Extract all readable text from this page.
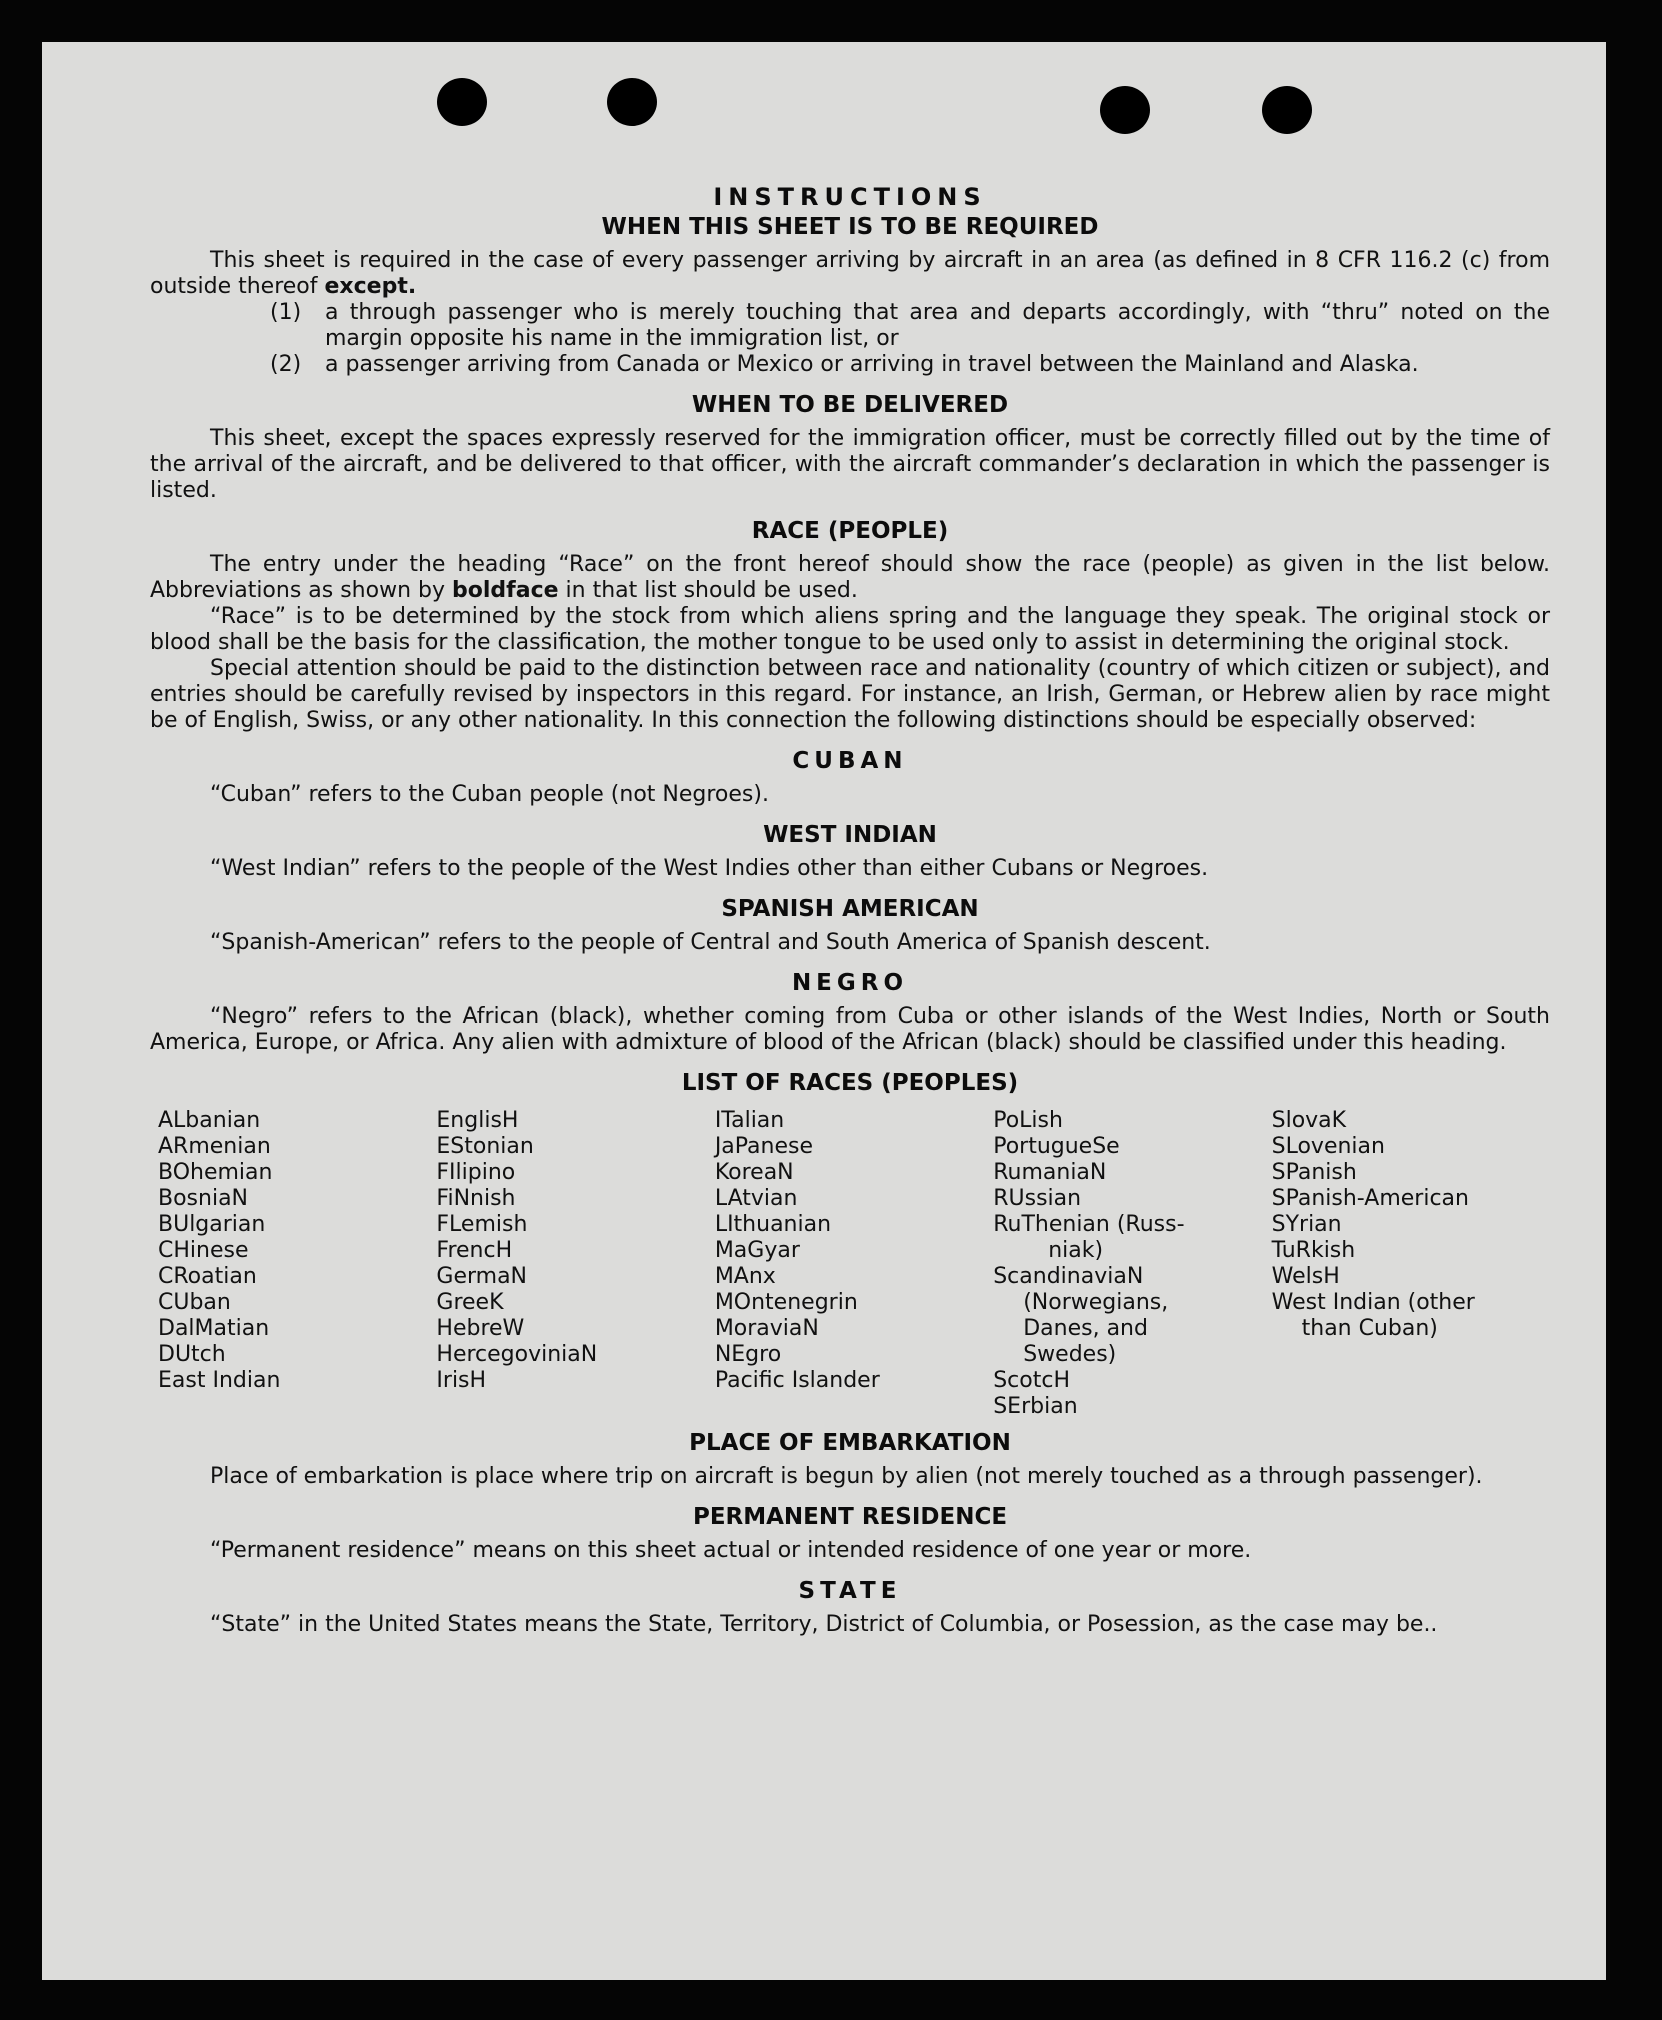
INSTRUCTIONS
WHEN THIS SHEET IS TO BE REQUIRED

This sheet is required in the case of every passenger arriving by aircraft in an area (as defined in 8 CFR 116.2 (c) from outside thereof except.

(1)	a through passenger who is merely touching that area and departs accordingly, with “thru” noted on the margin opposite his name in the immigration list, or
(2)	a passenger arriving from Canada or Mexico or arriving in travel between the Mainland and Alaska.
WHEN TO BE DELIVERED

This sheet, except the spaces expressly reserved for the immigration officer, must be correctly filled out by the time of the arrival of the aircraft, and be delivered to that officer, with the aircraft commander’s declaration in which the passenger is listed.

RACE (PEOPLE)

The entry under the heading “Race” on the front hereof should show the race (people) as given in the list below. Abbreviations as shown by boldface in that list should be used.

“Race” is to be determined by the stock from which aliens spring and the language they speak. The original stock or blood shall be the basis for the classification, the mother tongue to be used only to assist in determining the original stock.

Special attention should be paid to the distinction between race and nationality (country of which citizen or subject), and entries should be carefully revised by inspectors in this regard. For instance, an Irish, German, or Hebrew alien by race might be of English, Swiss, or any other nationality. In this connection the following distinctions should be especially observed:

CUBAN

“Cuban” refers to the Cuban people (not Negroes).

WEST INDIAN

“West Indian” refers to the people of the West Indies other than either Cubans or Negroes.

SPANISH AMERICAN

“Spanish-American” refers to the people of Central and South America of Spanish descent.

NEGRO

“Negro” refers to the African (black), whether coming from Cuba or other islands of the West Indies, North or South America, Europe, or Africa. Any alien with admixture of blood of the African (black) should be classified under this heading.

LIST OF RACES (PEOPLES)
ALbanian
ARmenian
BOhemian
BosniaN
BUlgarian
CHinese
CRoatian
CUban
DalMatian
DUtch
East Indian
EnglisH
EStonian
FIlipino
FiNnish
FLemish
FrencH
GermaN
GreeK
HebreW
HercegoviniaN
IrisH
ITalian
JaPanese
KoreaN
LAtvian
LIthuanian
MaGyar
MAnx
MOntenegrin
MoraviaN
NEgro
Pacific Islander
PoLish
PortugueSe
RumaniaN
RUssian
RuThenian (Russ-
niak)
ScandinaviaN
(Norwegians,
Danes, and
Swedes)
ScotcH
SErbian
SlovaK
SLovenian
SPanish
SPanish-American
SYrian
TuRkish
WelsH
West Indian (other
than Cuban)
PLACE OF EMBARKATION

Place of embarkation is place where trip on aircraft is begun by alien (not merely touched as a through passenger).

PERMANENT RESIDENCE

“Permanent residence” means on this sheet actual or intended residence of one year or more.

STATE

“State” in the United States means the State, Territory, District of Columbia, or Posession, as the case may be..
